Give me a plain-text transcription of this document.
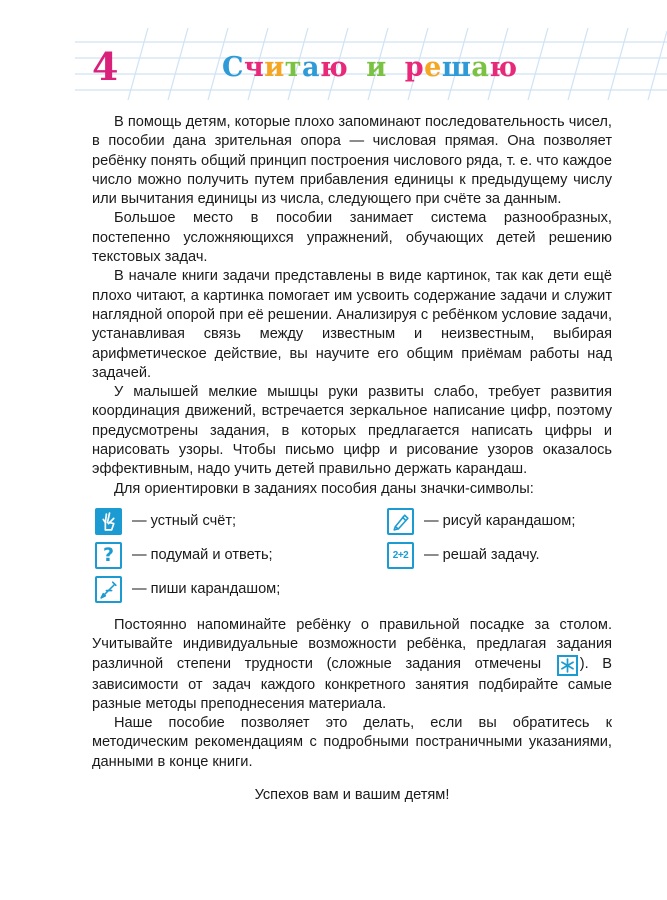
4	Считаю и решаю

В помощь детям, которые плохо запоминают последовательность чисел, в пособии дана зрительная опора — числовая прямая. Она позволяет ребёнку понять общий принцип построения числового ряда, т. е. что каждое число можно получить путем прибавления единицы к предыдущему числу или вычитания единицы из числа, следующего при счёте за данным.

Большое место в пособии занимает система разнообразных, постепенно усложняющихся упражнений, обучающих детей решению текстовых задач.

В начале книги задачи представлены в виде картинок, так как дети ещё плохо читают, а картинка помогает им усвоить содержание задачи и служит наглядной опорой при её решении. Анализируя с ребёнком условие задачи, устанавливая связь между известным и неизвестным, выбирая арифметическое действие, вы научите его общим приёмам работы над задачей.

У малышей мелкие мышцы руки развиты слабо, требует развития координация движений, встречается зеркальное написание цифр, поэтому предусмотрены задания, в которых предлагается написать цифры и нарисовать узоры. Чтобы письмо цифр и рисование узоров оказалось эффективным, надо учить детей правильно держать карандаш.

Для ориентировки в заданиях пособия даны значки-символы:

— устный счёт;
?	— подумай и ответь;
— пиши карандашом;
— рисуй карандашом;
2+2	— решай задачу.

Постоянно напоминайте ребёнку о правильной посадке за столом. Учитывайте индивидуальные возможности ребёнка, предлагая задания различной степени трудности (сложные задания отмечены
). В зависимости от задач каждого конкретного занятия подбирайте самые разные методы преподнесения материала.

Наше пособие позволяет это делать, если вы обратитесь к методическим рекомендациям с подробными постраничными указаниями, данными в конце книги.

Успехов вам и вашим детям!
